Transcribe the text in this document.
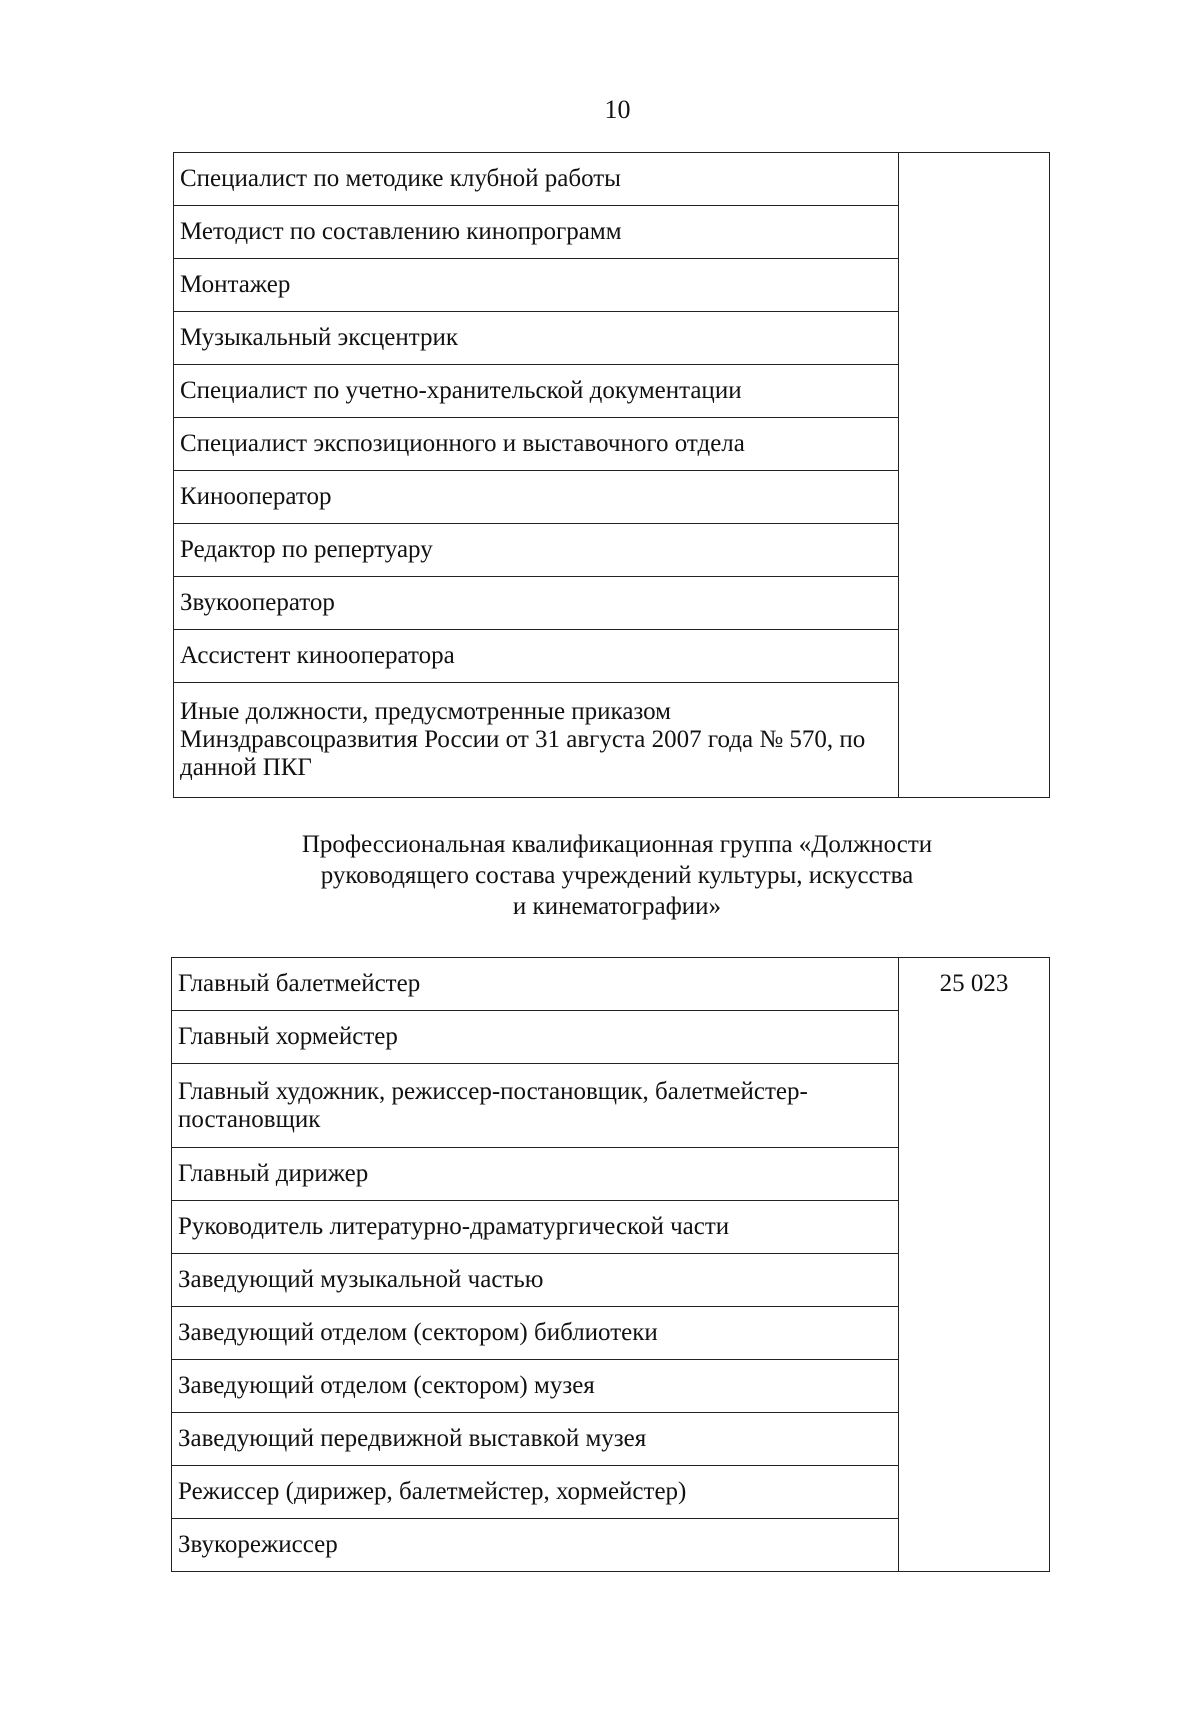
10
Специалист по методике клубной работы	
Методист по составлению кинопрограмм
Монтажер
Музыкальный эксцентрик
Специалист по учетно-хранительской документации
Специалист экспозиционного и выставочного отдела
Кинооператор
Редактор по репертуару
Звукооператор
Ассистент кинооператора
Иные должности, предусмотренные приказом Минздравсоцразвития России от 31 августа 2007 года № 570, по данной ПКГ
Профессиональная квалификационная группа «Должности
руководящего состава учреждений культуры, искусства
и кинематографии»
Главный балетмейстер	25 023
Главный хормейстер
Главный художник, режиссер-постановщик, балетмейстер-постановщик
Главный дирижер
Руководитель литературно-драматургической части
Заведующий музыкальной частью
Заведующий отделом (сектором) библиотеки
Заведующий отделом (сектором) музея
Заведующий передвижной выставкой музея
Режиссер (дирижер, балетмейстер, хормейстер)
Звукорежиссер
